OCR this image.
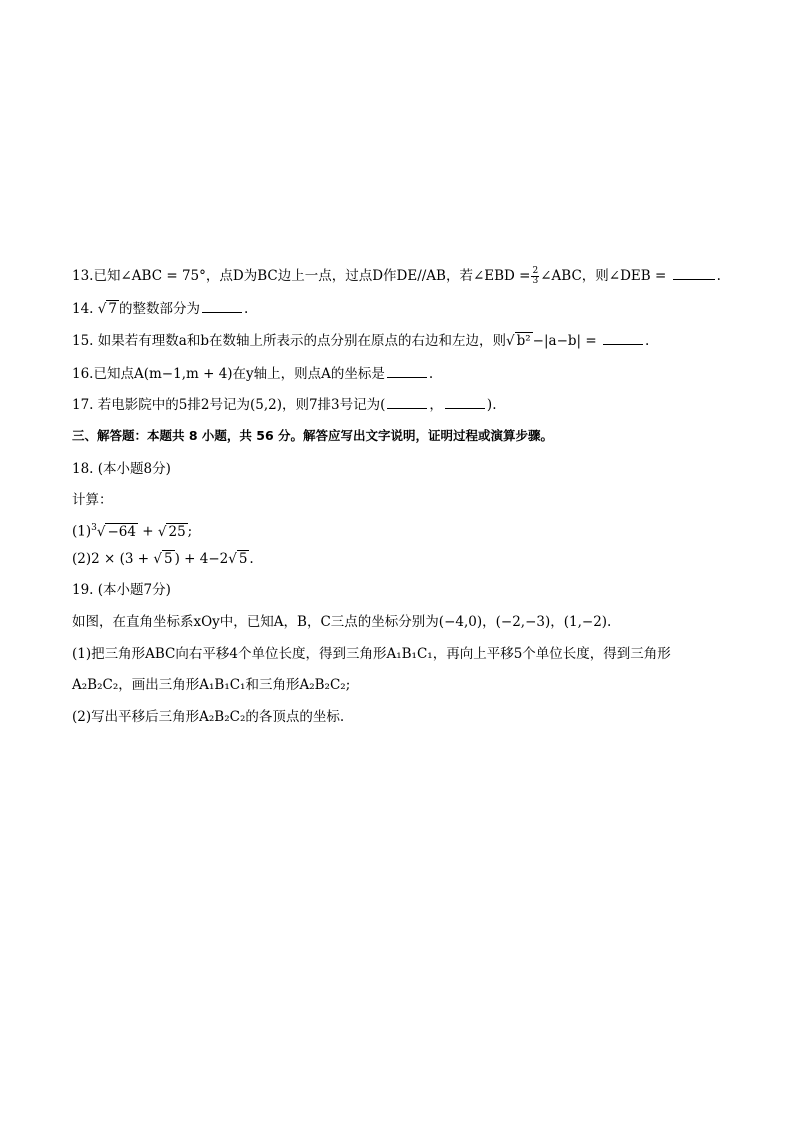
13.已知∠ABC = 75°，点D为BC边上一点，过点D作DE//AB，若∠EBD = $\frac{2}{3}$ ∠ABC，则∠DEB =	.
14. √ 7 的整数部分为	.
15. 如果若有理数a和b在数轴上所表示的点分别在原点的右边和左边，则√ b² −|a−b| =	.
16.已知点A(m−1,m + 4)在y轴上，则点A的坐标是	.
17. 若电影院中的5排2号记为(5,2)，则7排3号记为(	，	).
三、解答题：本题共 8 小题，共 56 分。解答应写出文字说明，证明过程或演算步骤。
18. (本小题8分)
计算：
$(1)^3√ -64$ + √ 25 ;
(2)2 × (3 + √ 5 ) + 4−2√ 5 .
19. (本小题7分)
如图，在直角坐标系xOy中，已知A，B，C三点的坐标分别为(−4,0)，(−2,−3)，(1,−2).
(1)把三角形ABC向右平移4个单位长度，得到三角形A₁B₁C₁，再向上平移5个单位长度，得到三角形
A₂B₂C₂，画出三角形A₁B₁C₁和三角形A₂B₂C₂;
(2)写出平移后三角形A₂B₂C₂的各顶点的坐标.
